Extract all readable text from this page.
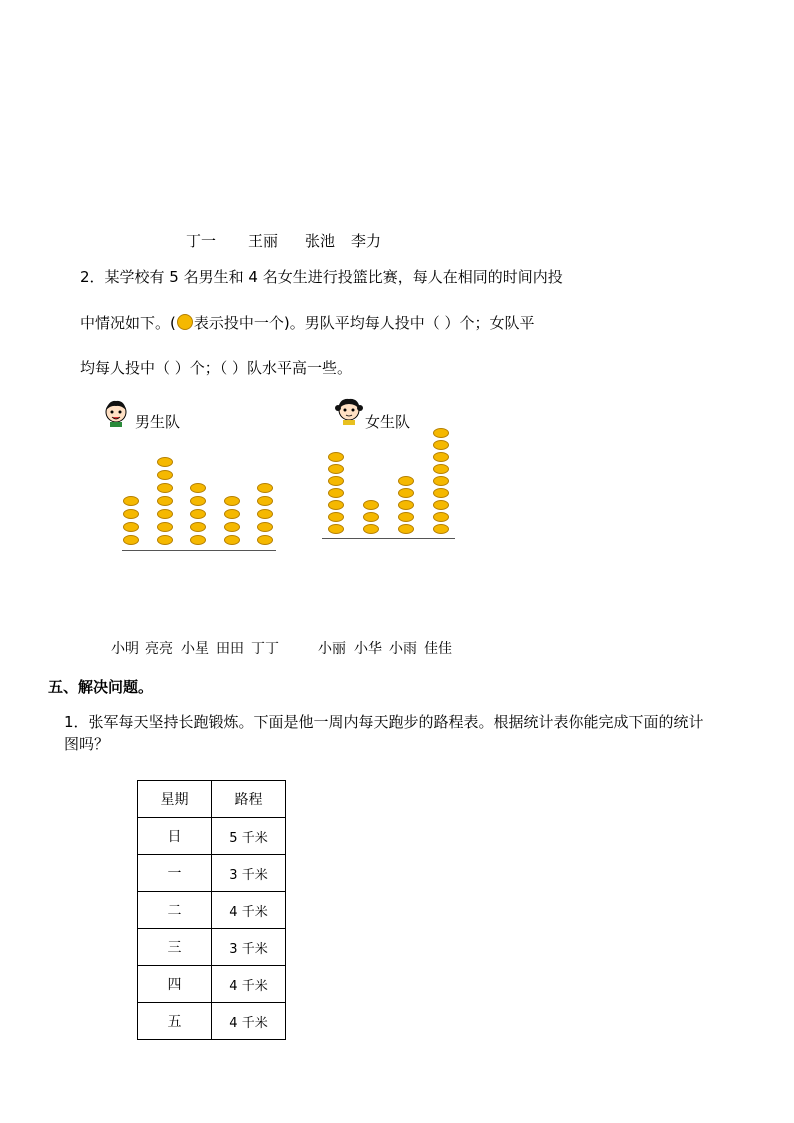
丁一 王丽 张池 李力
2．某学校有 5 名男生和 4 名女生进行投篮比赛，每人在相同的时间内投
中情况如下。( 表示投中一个)。男队平均每人投中（ ）个；女队平
均每人投中（ ）个；（ ）队水平高一些。
男生队	女生队
小明 亮亮 小星 田田 丁丁	小丽 小华 小雨 佳佳
五、解决问题。
1．张军每天坚持长跑锻炼。下面是他一周内每天跑步的路程表。根据统计表你能完成下面的统计
图吗？
星期	路程
日	5 千米
一	3 千米
二	4 千米
三	3 千米
四	4 千米
五	4 千米
